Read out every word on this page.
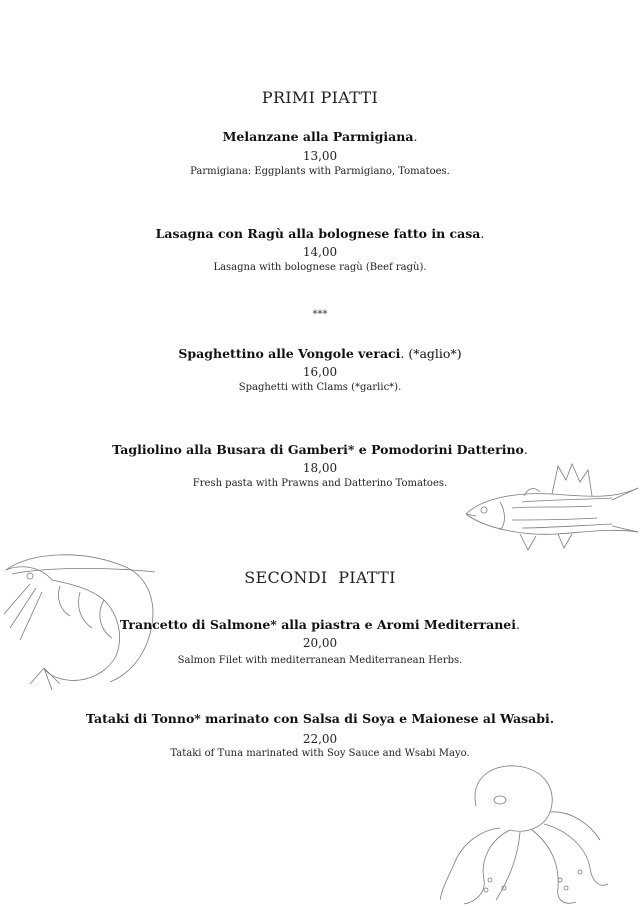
PRIMI PIATTI
Melanzane alla Parmigiana.
13,00
Parmigiana: Eggplants with Parmigiano, Tomatoes.
Lasagna con Ragù alla bolognese fatto in casa.
14,00
Lasagna with bolognese ragù (Beef ragù).
***
Spaghettino alle Vongole veraci. (*aglio*)
16,00
Spaghetti with Clams (*garlic*).
Tagliolino alla Busara di Gamberi* e Pomodorini Datterino.
18,00
Fresh pasta with Prawns and Datterino Tomatoes.
SECONDI  PIATTI
Trancetto di Salmone* alla piastra e Aromi Mediterranei.
20,00
Salmon Filet with mediterranean Mediterranean Herbs.
Tataki di Tonno* marinato con Salsa di Soya e Maionese al Wasabi.
22,00
Tataki of Tuna marinated with Soy Sauce and Wsabi Mayo.
